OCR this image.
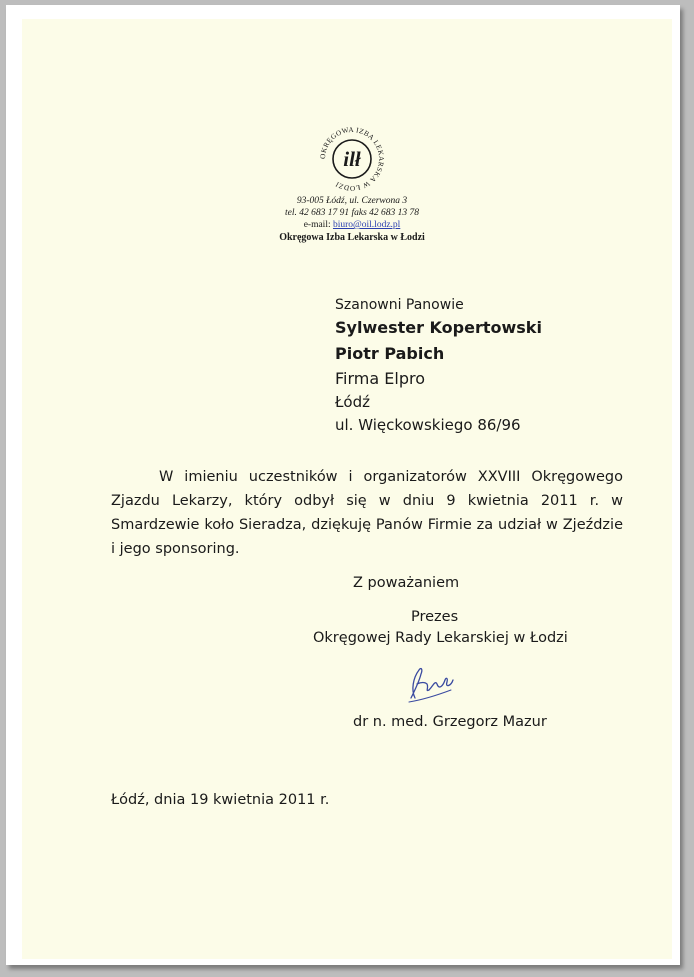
OKRĘGOWA IZBA LEKARSKA W ŁODZI
ilł
93-005 Łódź, ul. Czerwona 3
tel. 42 683 17 91 faks 42 683 13 78
e-mail: biuro@oil.lodz.pl
Okręgowa Izba Lekarska w Łodzi
Szanowni Panowie
Sylwester Kopertowski
Piotr Pabich
Firma Elpro
Łódź
ul. Więckowskiego 86/96

W imieniu uczestników i organizatorów XXVIII Okręgowego Zjazdu Lekarzy, który odbył się w dniu 9 kwietnia 2011 r. w Smardzewie koło Sieradza, dziękuję Panów Firmie za udział w Zjeździe i jego sponsoring.

Z poważaniem
Prezes
Okręgowej Rady Lekarskiej w Łodzi
dr n. med. Grzegorz Mazur
Łódź, dnia 19 kwietnia 2011 r.
